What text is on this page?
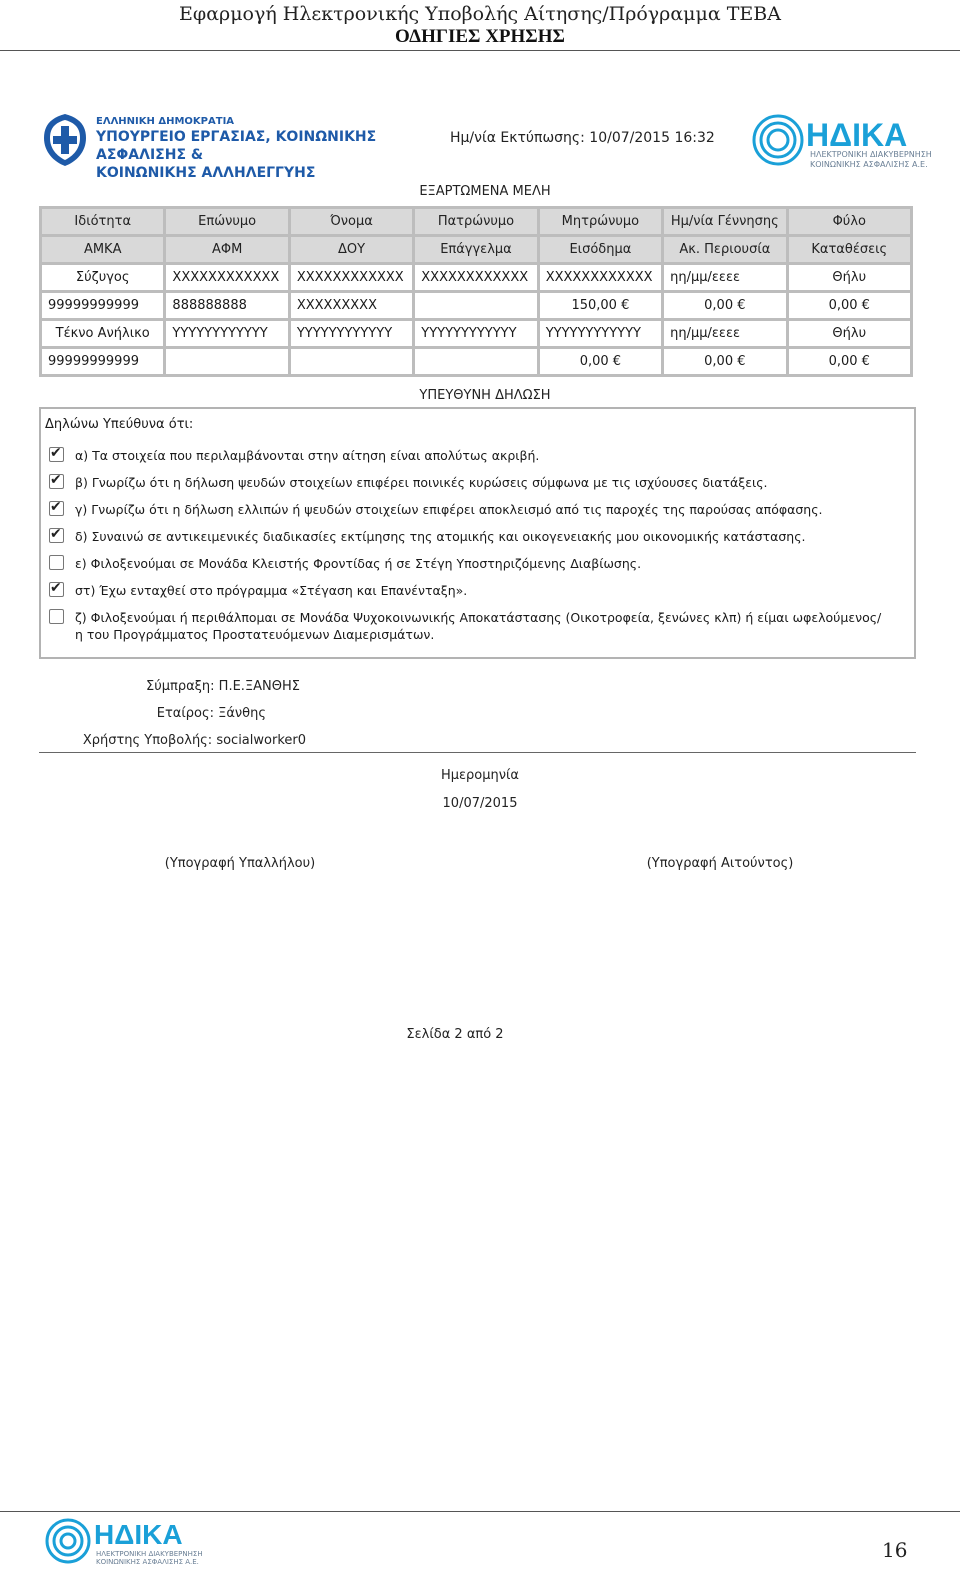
Εφαρμογή Ηλεκτρονικής Υποβολής Αίτησης/Πρόγραμμα ΤΕΒΑ
ΟΔΗΓΙΕΣ ΧΡΗΣΗΣ
ΕΛΛΗΝΙΚΗ ΔΗΜΟΚΡΑΤΙΑ
ΥΠΟΥΡΓΕΙΟ ΕΡΓΑΣΙΑΣ, ΚΟΙΝΩΝΙΚΗΣ ΑΣΦΑΛΙΣΗΣ &
ΚΟΙΝΩΝΙΚΗΣ ΑΛΛΗΛΕΓΓΥΗΣ
Ημ/νία Εκτύπωσης: 10/07/2015 16:32	ΗΔΙΚΑ
ΗΛΕΚΤΡΟΝΙΚΗ ΔΙΑΚΥΒΕΡΝΗΣΗ
ΚΟΙΝΩΝΙΚΗΣ ΑΣΦΑΛΙΣΗΣ Α.Ε.
ΕΞΑΡΤΩΜΕΝΑ ΜΕΛΗ
Ιδιότητα	Επώνυμο	Όνομα	Πατρώνυμο	Μητρώνυμο	Ημ/νία Γέννησης	Φύλο
ΑΜΚΑ	ΑΦΜ	ΔΟΥ	Επάγγελμα	Εισόδημα	Ακ. Περιουσία	Καταθέσεις
Σύζυγος	XXXXXXXXXXXX	XXXXXXXXXXXX	XXXXXXXXXXXX	XXXXXXXXXXXX	ηη/μμ/εεεε	Θήλυ
99999999999	888888888	XXXXXXXXX		150,00 €	0,00 €	0,00 €
Τέκνο Ανήλικο	YYYYYYYYYYYY	YYYYYYYYYYYY	YYYYYYYYYYYY	YYYYYYYYYYYY	ηη/μμ/εεεε	Θήλυ
99999999999				0,00 €	0,00 €	0,00 €
ΥΠΕΥΘΥΝΗ ΔΗΛΩΣΗ
Δηλώνω Υπεύθυνα ότι:
✔
α) Τα στοιχεία που περιλαμβάνονται στην αίτηση είναι απολύτως ακριβή.
✔
β) Γνωρίζω ότι η δήλωση ψευδών στοιχείων επιφέρει ποινικές κυρώσεις σύμφωνα με τις ισχύουσες διατάξεις.
✔
γ) Γνωρίζω ότι η δήλωση ελλιπών ή ψευδών στοιχείων επιφέρει αποκλεισμό από τις παροχές της παρούσας απόφασης.
✔
δ) Συναινώ σε αντικειμενικές διαδικασίες εκτίμησης της ατομικής και οικογενειακής μου οικονομικής κατάστασης.
ε) Φιλοξενούμαι σε Μονάδα Κλειστής Φροντίδας ή σε Στέγη Υποστηριζόμενης Διαβίωσης.
✔
στ) Έχω ενταχθεί στο πρόγραμμα «Στέγαση και Επανένταξη».
ζ) Φιλοξενούμαι ή περιθάλπομαι σε Μονάδα Ψυχοκοινωνικής Αποκατάστασης (Οικοτροφεία, ξενώνες κλπ) ή είμαι ωφελούμενος/η του Προγράμματος Προστατευόμενων Διαμερισμάτων.
Σύμπραξη: Π.Ε.ΞΑΝΘΗΣ
Εταίρος: Ξάνθης
Χρήστης Υποβολής: socialworker0
Ημερομηνία
10/07/2015
(Υπογραφή Υπαλλήλου)	(Υπογραφή Αιτούντος)
Σελίδα 2 από 2
ΗΔΙΚΑ
ΗΛΕΚΤΡΟΝΙΚΗ ΔΙΑΚΥΒΕΡΝΗΣΗ
ΚΟΙΝΩΝΙΚΗΣ ΑΣΦΑΛΙΣΗΣ Α.Ε.	16
